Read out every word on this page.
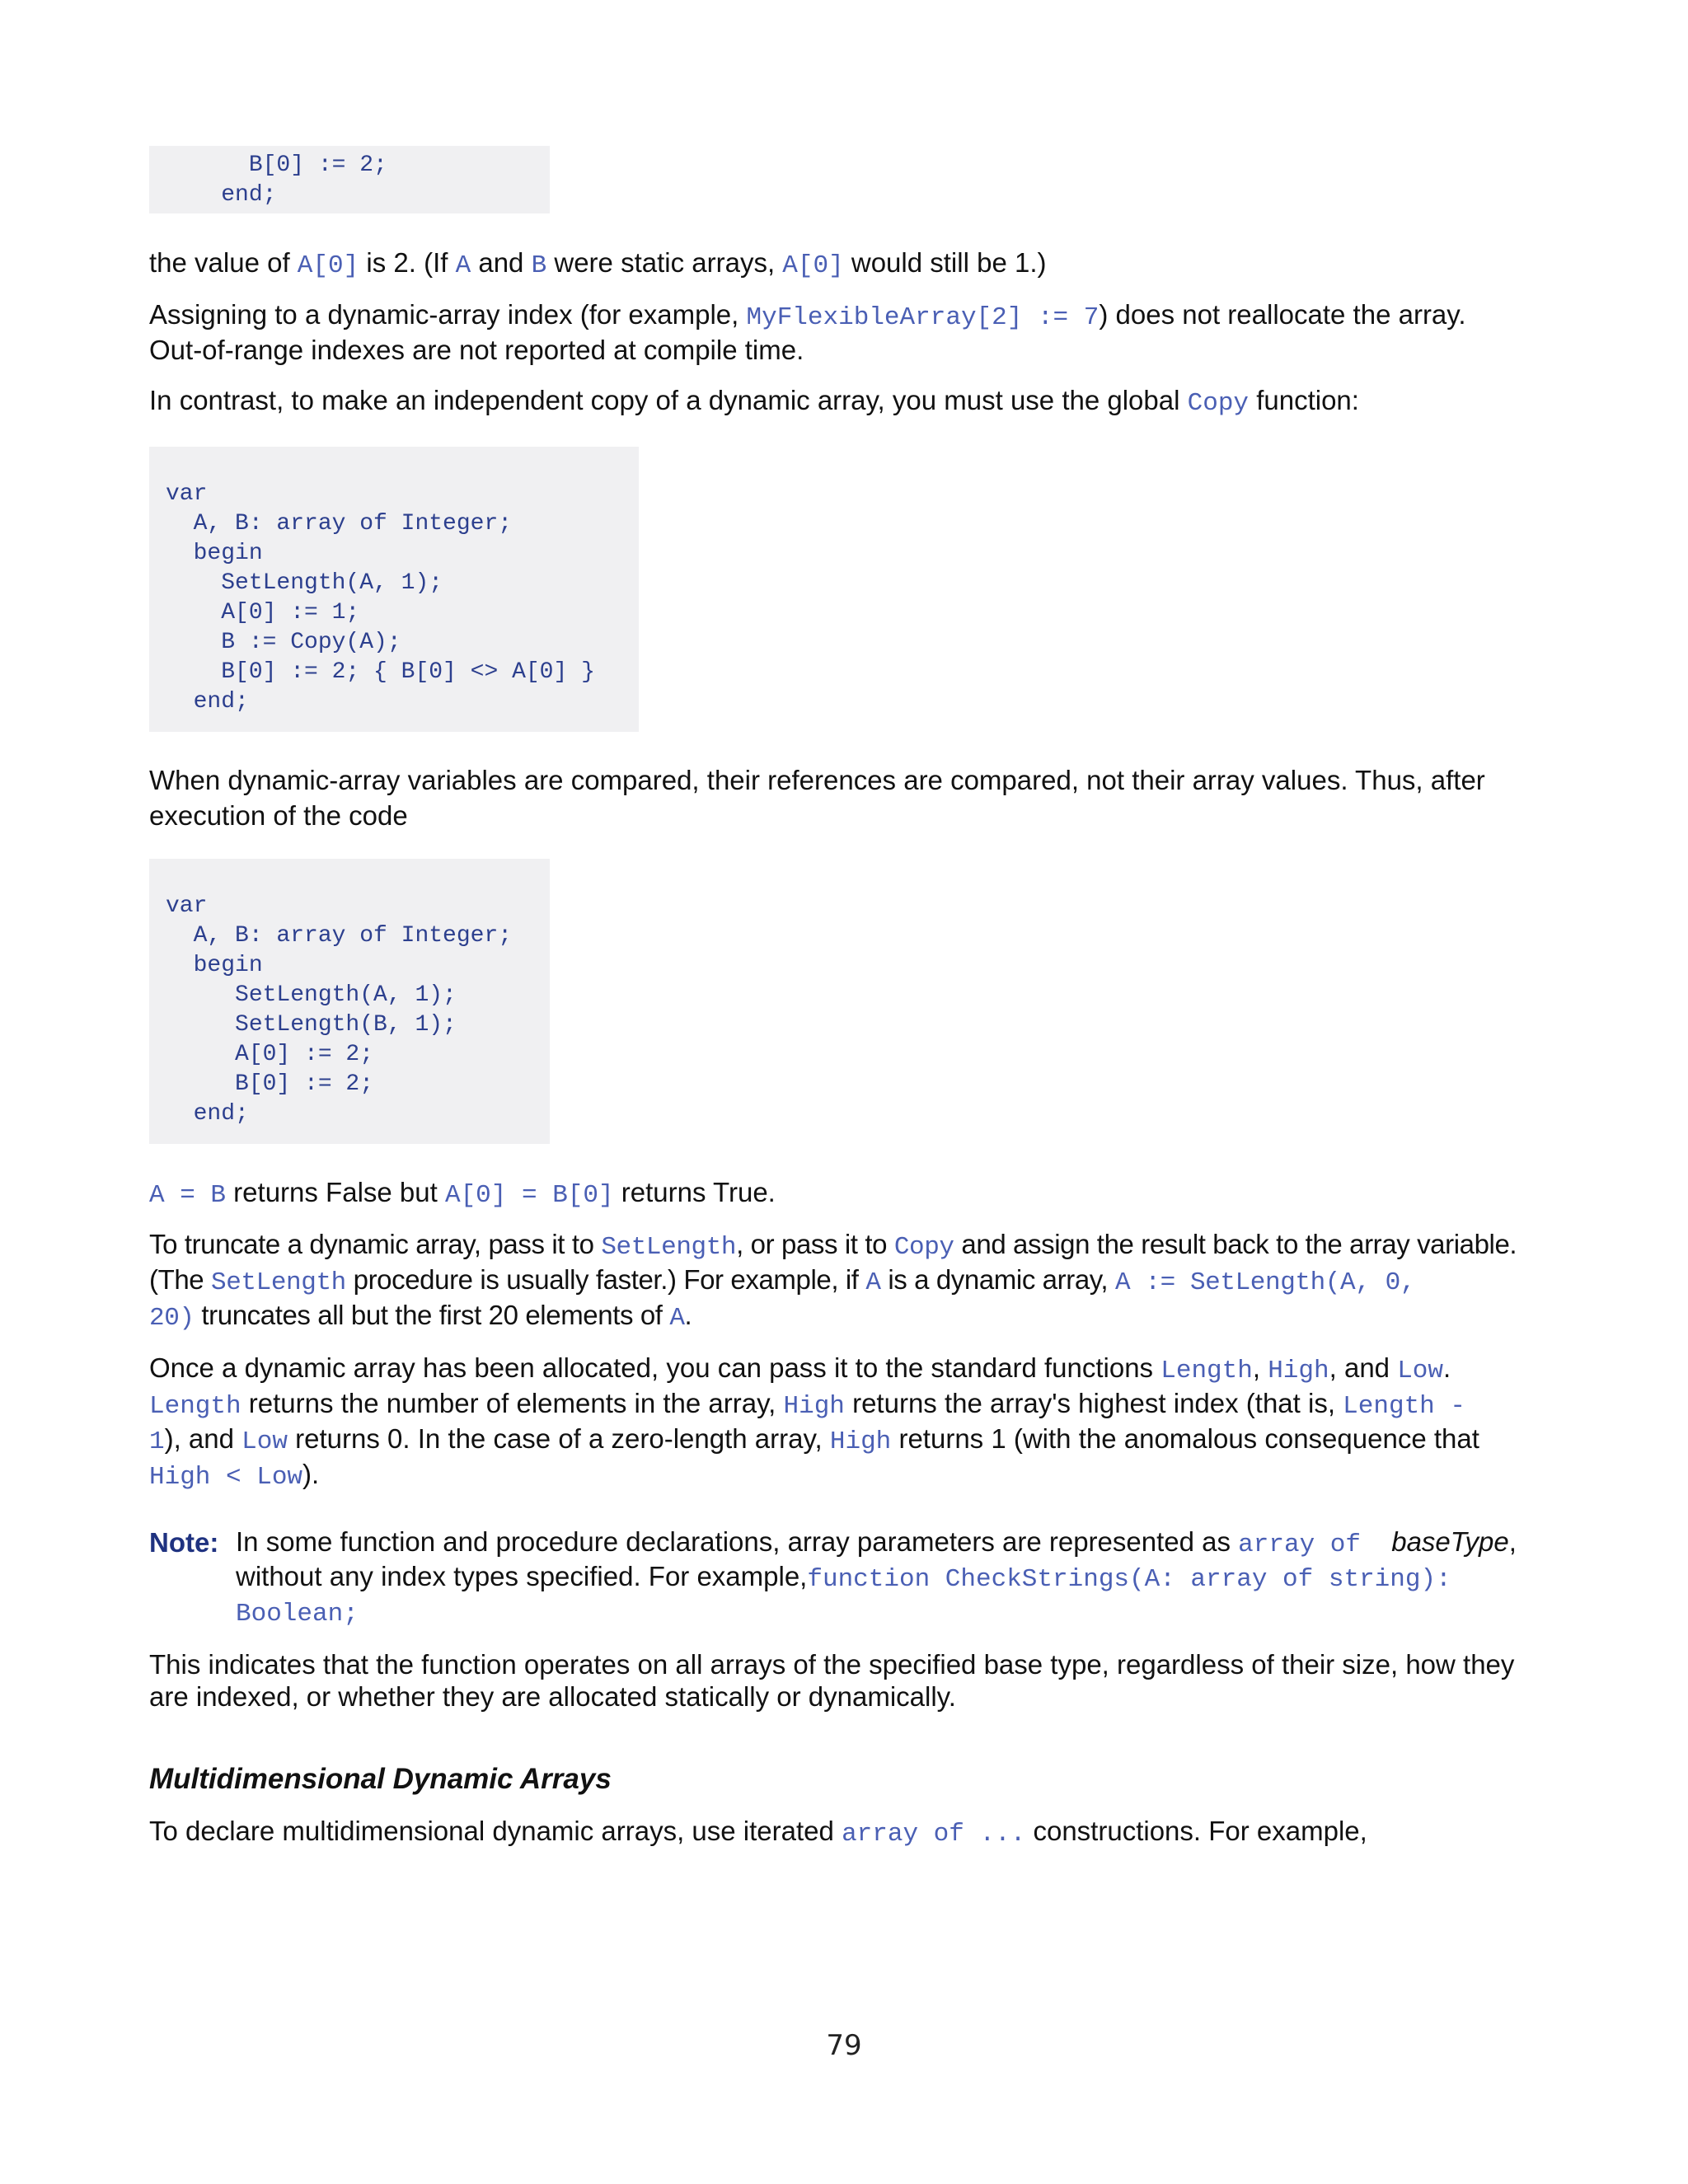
B[0] := 2;
end;
the value of A[0] is 2. (If A and B were static arrays, A[0] would still be 1.)
Assigning to a dynamic-array index (for example, MyFlexibleArray[2] := 7) does not reallocate the array.
Out-of-range indexes are not reported at compile time.
In contrast, to make an independent copy of a dynamic array, you must use the global Copy function:
var
A, B: array of Integer;
begin
SetLength(A, 1);
A[0] := 1;
B := Copy(A);
B[0] := 2; { B[0] <> A[0] }
end;
When dynamic-array variables are compared, their references are compared, not their array values. Thus, after
execution of the code
var
A, B: array of Integer;
begin
SetLength(A, 1);
SetLength(B, 1);
A[0] := 2;
B[0] := 2;
end;
A = B returns False but A[0] = B[0] returns True.
To truncate a dynamic array, pass it to SetLength, or pass it to Copy and assign the result back to the array variable.
(The SetLength procedure is usually faster.) For example, if A is a dynamic array, A := SetLength(A, 0,
20) truncates all but the first 20 elements of A.
Once a dynamic array has been allocated, you can pass it to the standard functions Length, High, and Low.
Length returns the number of elements in the array, High returns the array's highest index (that is, Length -
1), and Low returns 0. In the case of a zero-length array, High returns 1 (with the anomalous consequence that
High < Low).
Note: In some function and procedure declarations, array parameters are represented as array of baseType,
without any index types specified. For example,function CheckStrings(A: array of string):
Boolean;
This indicates that the function operates on all arrays of the specified base type, regardless of their size, how they
are indexed, or whether they are allocated statically or dynamically.
Multidimensional Dynamic Arrays
To declare multidimensional dynamic arrays, use iterated array of ... constructions. For example,
79
